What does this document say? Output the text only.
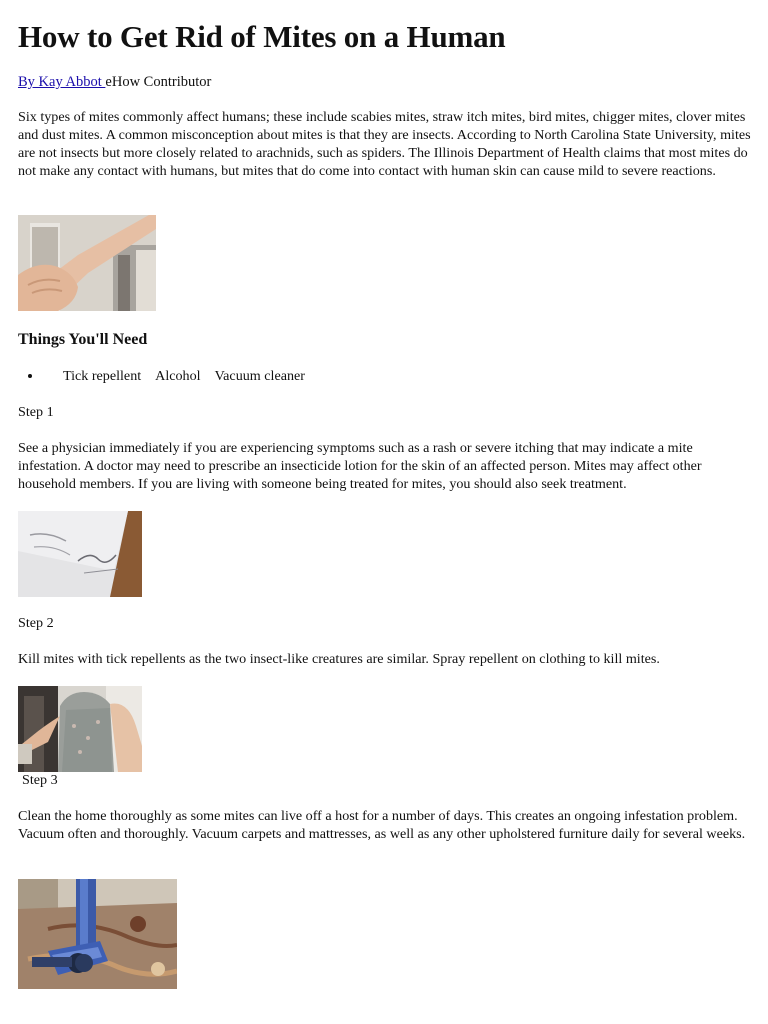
How to Get Rid of Mites on a Human
By Kay Abbot eHow Contributor

Six types of mites commonly affect humans; these include scabies mites, straw itch mites, bird mites, chigger mites, clover mites and dust mites. A common misconception about mites is that they are insects. According to North Carolina State University, mites are not insects but more closely related to arachnids, such as spiders. The Illinois Department of Health claims that most mites do not make any contact with humans, but mites that do come into contact with human skin can cause mild to severe reactions.

Things You'll Need
• Tick repellent Alcohol Vacuum cleaner
Step 1

See a physician immediately if you are experiencing symptoms such as a rash or severe itching that may indicate a mite infestation. A doctor may need to prescribe an insecticide lotion for the skin of an affected person. Mites may affect other household members. If you are living with someone being treated for mites, you should also seek treatment.

Step 2

Kill mites with tick repellents as the two insect-like creatures are similar. Spray repellent on clothing to kill mites.

Step 3

Clean the home thoroughly as some mites can live off a host for a number of days. This creates an ongoing infestation problem. Vacuum often and thoroughly. Vacuum carpets and mattresses, as well as any other upholstered furniture daily for several weeks.
